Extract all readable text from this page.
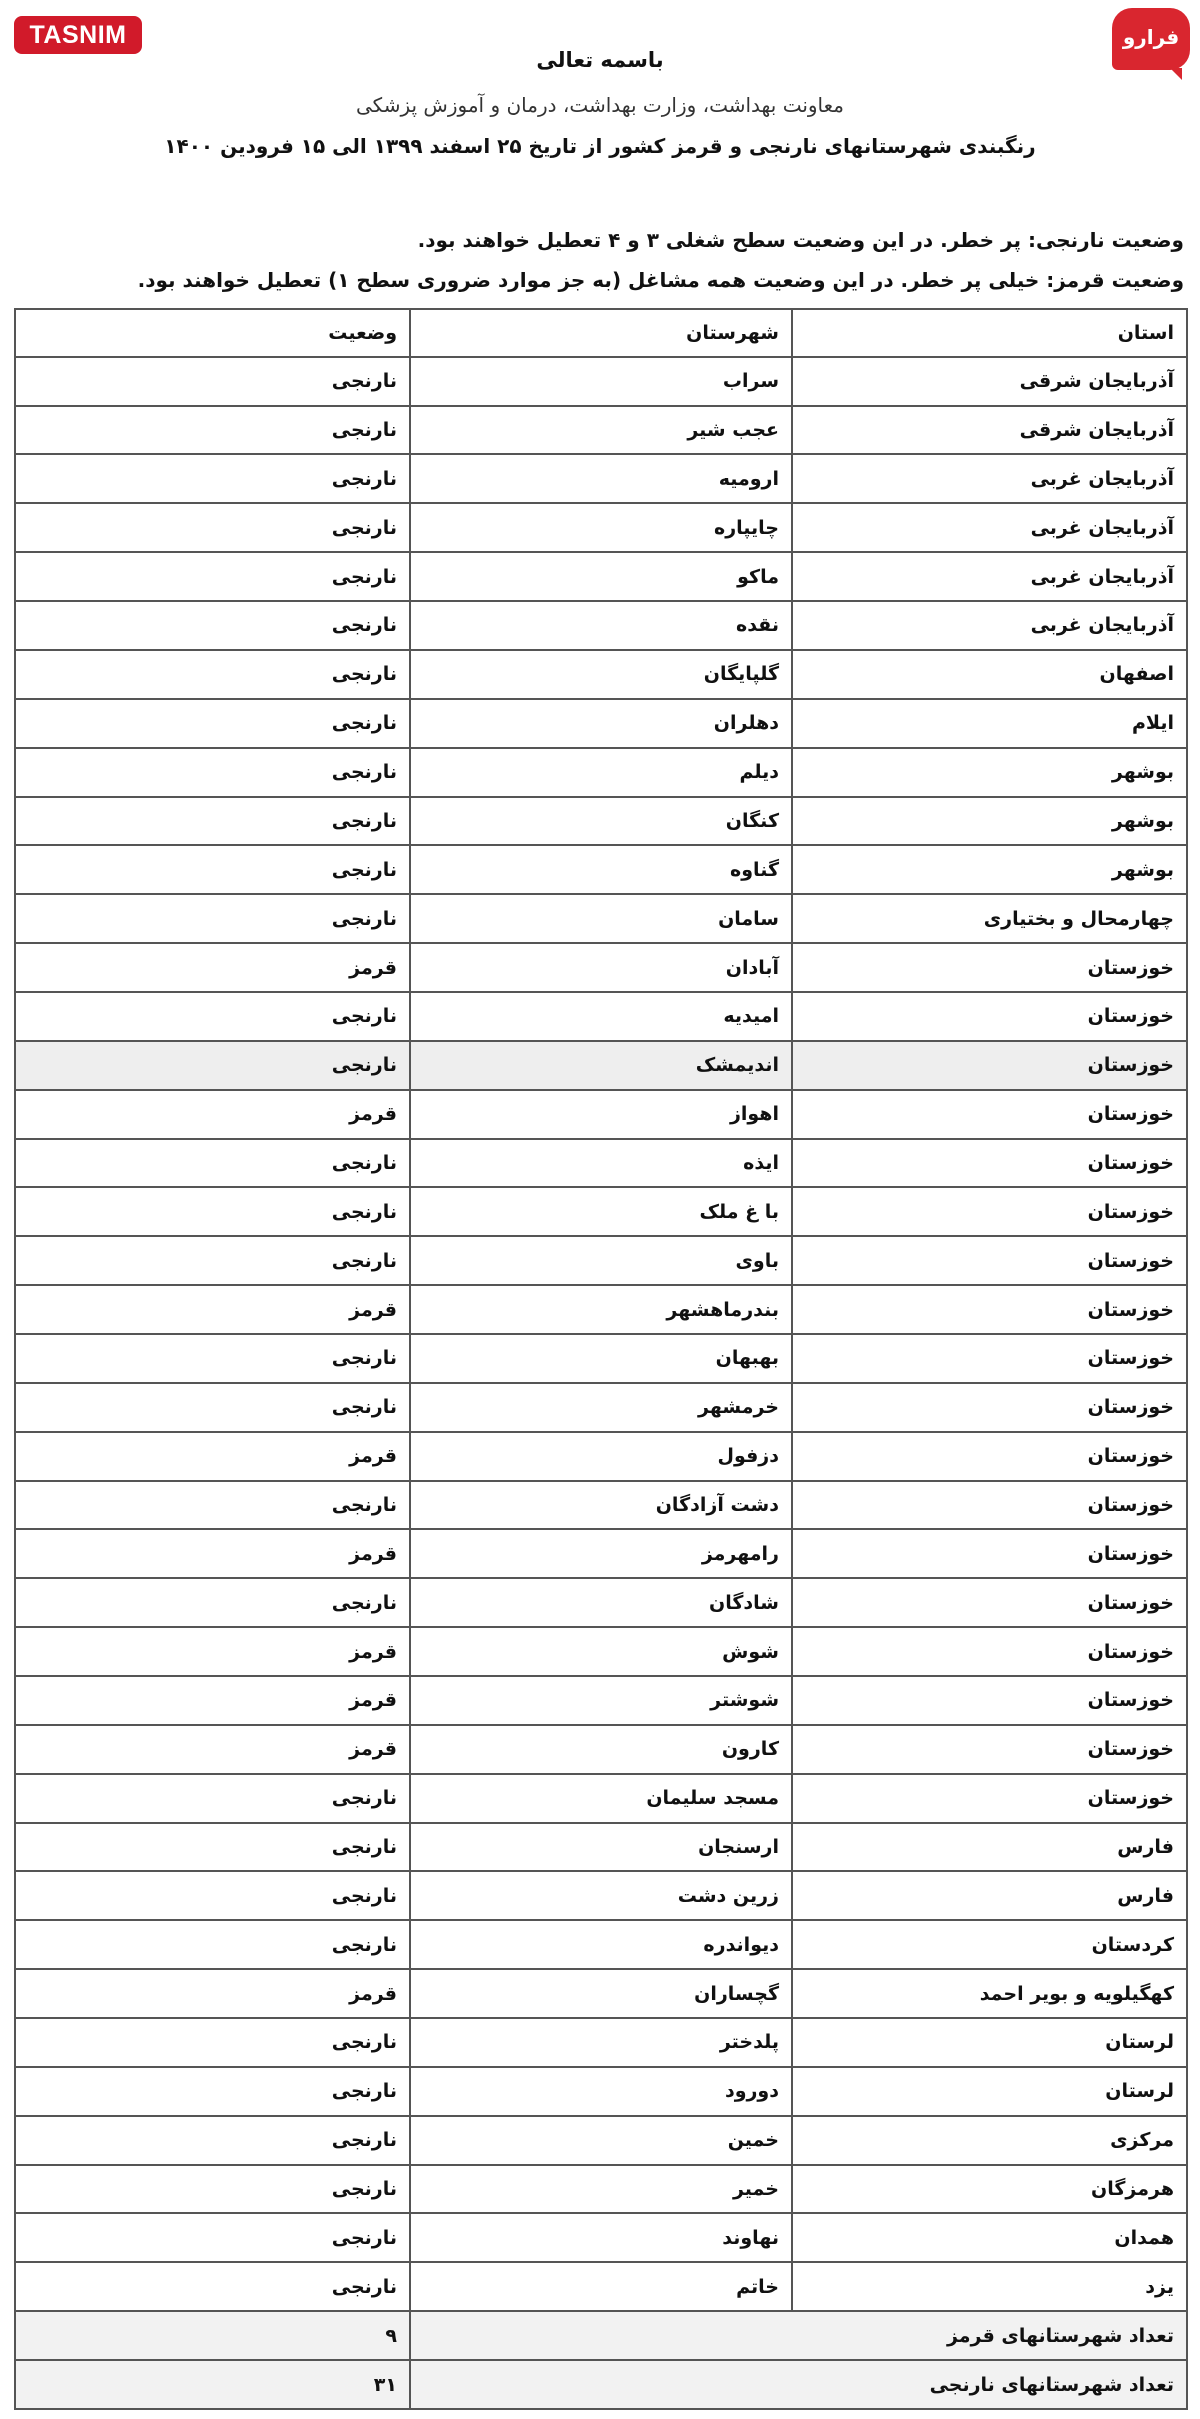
TASNIM	فرارو
باسمه تعالی
معاونت بهداشت، وزارت بهداشت، درمان و آموزش پزشکی
رنگبندی شهرستانهای نارنجی و قرمز کشور از تاریخ ۲۵ اسفند ۱۳۹۹ الی ۱۵ فرودین ۱۴۰۰
وضعیت نارنجی: پر خطر. در این وضعیت سطح شغلی ۳ و ۴ تعطیل خواهند بود.
وضعیت قرمز: خیلی پر خطر. در این وضعیت همه مشاغل (به جز موارد ضروری سطح ۱) تعطیل خواهند بود.
استان	شهرستان	وضعیت
آذربایجان شرقی	سراب	نارنجی
آذربایجان شرقی	عجب شیر	نارنجی
آذربایجان غربی	ارومیه	نارنجی
آذربایجان غربی	چایپاره	نارنجی
آذربایجان غربی	ماکو	نارنجی
آذربایجان غربی	نقده	نارنجی
اصفهان	گلپایگان	نارنجی
ایلام	دهلران	نارنجی
بوشهر	دیلم	نارنجی
بوشهر	کنگان	نارنجی
بوشهر	گناوه	نارنجی
چهارمحال و بختیاری	سامان	نارنجی
خوزستان	آبادان	قرمز
خوزستان	امیدیه	نارنجی
خوزستان	اندیمشک	نارنجی
خوزستان	اهواز	قرمز
خوزستان	ایذه	نارنجی
خوزستان	با غ ملک	نارنجی
خوزستان	باوی	نارنجی
خوزستان	بندرماهشهر	قرمز
خوزستان	بهبهان	نارنجی
خوزستان	خرمشهر	نارنجی
خوزستان	دزفول	قرمز
خوزستان	دشت آزادگان	نارنجی
خوزستان	رامهرمز	قرمز
خوزستان	شادگان	نارنجی
خوزستان	شوش	قرمز
خوزستان	شوشتر	قرمز
خوزستان	کارون	قرمز
خوزستان	مسجد سلیمان	نارنجی
فارس	ارسنجان	نارنجی
فارس	زرین دشت	نارنجی
کردستان	دیواندره	نارنجی
کهگیلویه و بویر احمد	گچساران	قرمز
لرستان	پلدختر	نارنجی
لرستان	دورود	نارنجی
مرکزی	خمین	نارنجی
هرمزگان	خمیر	نارنجی
همدان	نهاوند	نارنجی
یزد	خاتم	نارنجی
تعداد شهرستانهای قرمز		۹
تعداد شهرستانهای نارنجی		۳۱
